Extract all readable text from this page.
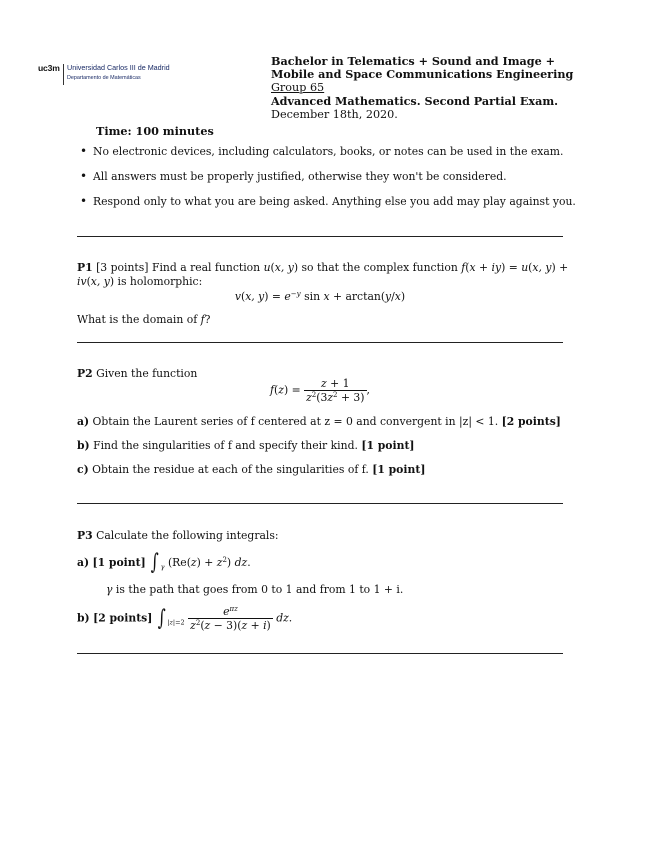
uc3m Universidad Carlos III de Madrid
Departamento de Matemáticas
Bachelor in Telematics + Sound and Image +
Mobile and Space Communications Engineering
Group 65
Advanced Mathematics. Second Partial Exam.
December 18th, 2020.
Time: 100 minutes
• No electronic devices, including calculators, books, or notes can be used in the exam.
• All answers must be properly justified, otherwise they won't be considered.
• Respond only to what you are being asked. Anything else you add may play against you.
P1 [3 points] Find a real function u(x, y) so that the complex function f(x + iy) = u(x, y) +
iv(x, y) is holomorphic:
v(x, $y) = e^{-y}$ sin x + arctan(y/x)
What is the domain of f?
P2 Given the function
$f(z) = \frac{z + 1}{z^2(3z^2 + 3)}$ ,
a) Obtain the Laurent series of f centered at z = 0 and convergent in |z| < 1. [2 points]
b) Find the singularities of f and specify their kind. [1 point]
c) Obtain the residue at each of the singularities of f. [1 point]
P3 Calculate the following integrals:
a) [1 point] ∫ $_\gamma$ $(Re(z) + z^2)$ dz.
γ is the path that goes from 0 to 1 and from 1 to 1 + i.
b) [2 points] ∫ $_{|z|=2} \frac{e^{\pi z}}{z^2(z - 3)(z + i)}$ dz.
